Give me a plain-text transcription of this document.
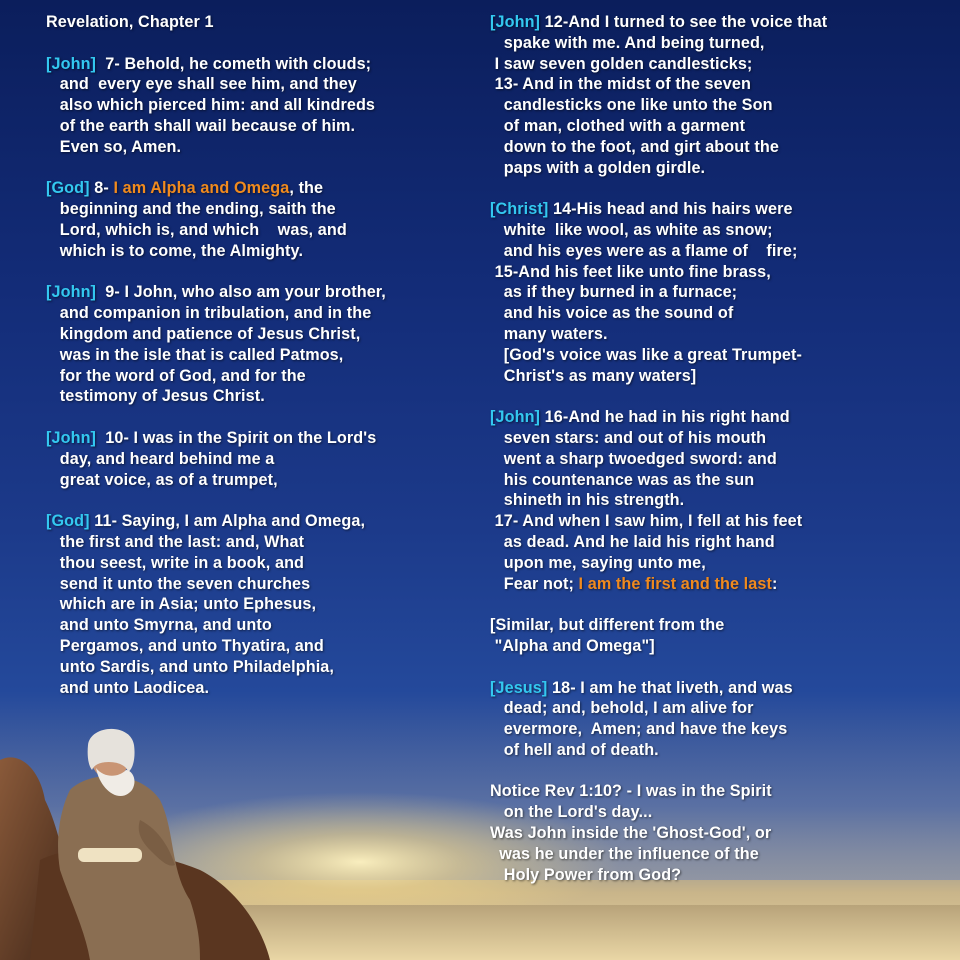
Revelation, Chapter 1
[John] 7- Behold, he cometh with clouds;
and  every eye shall see him, and they
also which pierced him: and all kindreds
of the earth shall wail because of him.
Even so, Amen.
[God] 8- I am Alpha and Omega, the
beginning and the ending, saith the
Lord, which is, and which    was, and
which is to come, the Almighty.
[John] 9- I John, who also am your brother,
and companion in tribulation, and in the
kingdom and patience of Jesus Christ,
was in the isle that is called Patmos,
for the word of God, and for the
testimony of Jesus Christ.
[John] 10- I was in the Spirit on the Lord's
day, and heard behind me a
great voice, as of a trumpet,
[God] 11- Saying, I am Alpha and Omega,
the first and the last: and, What
thou seest, write in a book, and
send it unto the seven churches
which are in Asia; unto Ephesus,
and unto Smyrna, and unto
Pergamos, and unto Thyatira, and
unto Sardis, and unto Philadelphia,
and unto Laodicea.
[John] 12-And I turned to see the voice that
spake with me. And being turned,
I saw seven golden candlesticks;
13- And in the midst of the seven
candlesticks one like unto the Son
of man, clothed with a garment
down to the foot, and girt about the
paps with a golden girdle.
[Christ] 14-His head and his hairs were
white  like wool, as white as snow;
and his eyes were as a flame of    fire;
15-And his feet like unto fine brass,
as if they burned in a furnace;
and his voice as the sound of
many waters.
[God's voice was like a great Trumpet-
Christ's as many waters]
[John] 16-And he had in his right hand
seven stars: and out of his mouth
went a sharp twoedged sword: and
his countenance was as the sun
shineth in his strength.
17- And when I saw him, I fell at his feet
as dead. And he laid his right hand
upon me, saying unto me,
Fear not; I am the first and the last:
[Similar, but different from the
"Alpha and Omega"]
[Jesus] 18- I am he that liveth, and was
dead; and, behold, I am alive for
evermore,  Amen; and have the keys
of hell and of death.
Notice Rev 1:10? - I was in the Spirit
on the Lord's day...
Was John inside the 'Ghost-God', or
was he under the influence of the
Holy Power from God?
